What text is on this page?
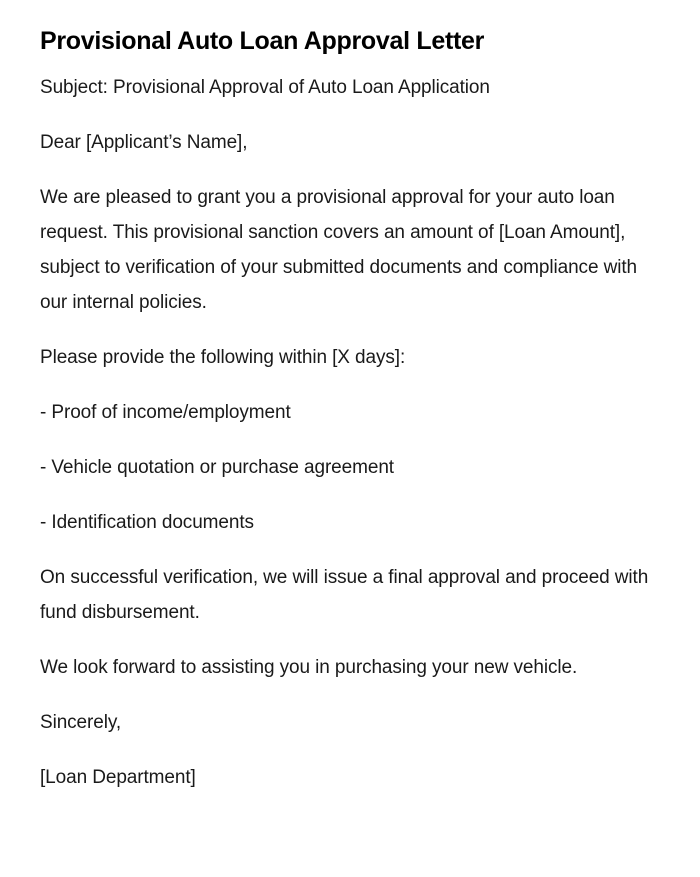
Provisional Auto Loan Approval Letter

Subject: Provisional Approval of Auto Loan Application

Dear [Applicant’s Name],

We are pleased to grant you a provisional approval for your auto loan request. This provisional sanction covers an amount of [Loan Amount], subject to verification of your submitted documents and compliance with our internal policies.

Please provide the following within [X days]:

- Proof of income/employment

- Vehicle quotation or purchase agreement

- Identification documents

On successful verification, we will issue a final approval and proceed with fund disbursement.

We look forward to assisting you in purchasing your new vehicle.

Sincerely,

[Loan Department]
